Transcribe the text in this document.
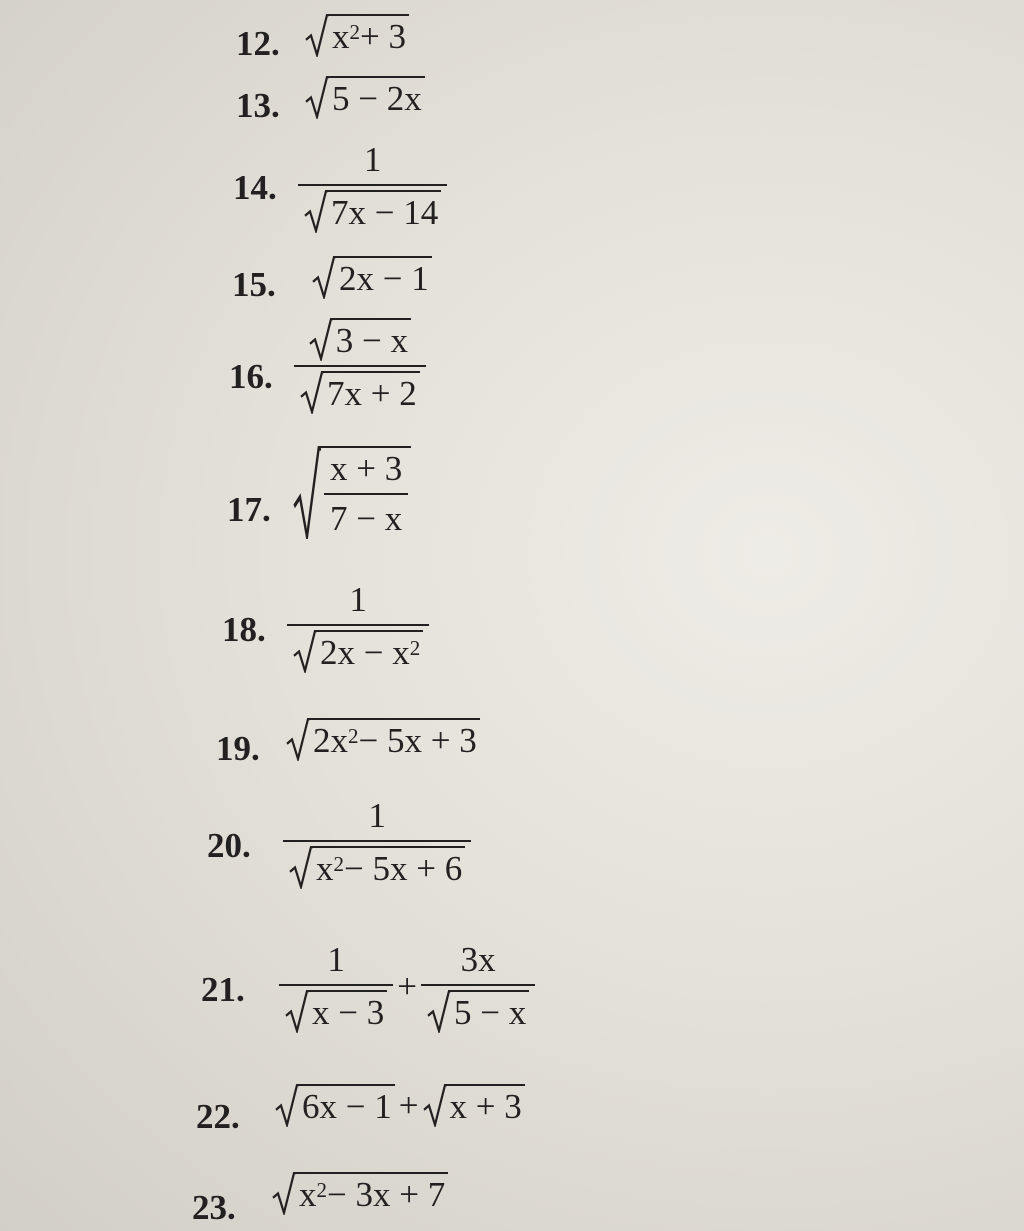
12. $x^2 + 3$
13. 5 − 2x
14. $\frac{1}{7x - 14}$
15. 2x − 1
16. $\frac{3 - x}{7x + 2}$
17. $\frac{x + 3}{7 - x}$
18. $\frac{1}{2x - x^2}$
19. $2x^2 - 5x + 3$
20. $\frac{1}{x^2 - 5x + 6}$
21. $\frac{1}{x - 3} + \frac{3x}{5 - x}$
22. 6x − 1 + x + 3
23. $x^2 - 3x + 7$
